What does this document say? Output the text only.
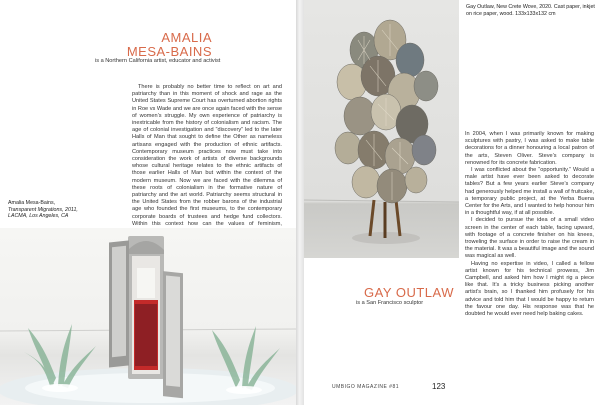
AMALIA
MESA-BAINS
is a Northern California artist, educator and activist

There is probably no better time to reflect on art and patriarchy than in this moment of shock and rage as the United States Supreme Court has overturned abortion rights in Roe vs Wade and we are once again faced with the sense of women’s struggle. My own experience of patriarchy is inextricable from the history of colonialism and racism. The age of colonial investigation and “discovery” led to the later Halls of Man that sought to define the Other as nameless artisans engaged with the production of ethnic artifacts. Contemporary museum practices now must take into consideration the work of artists of diverse backgrounds whose cultural heritage relates to the ethnic artifacts of those earlier Halls of Man but within the context of the modern museum. Now we are faced with the dilemma of these roots of colonialism in the formative nature of patriarchy and the art world. Patriarchy seems structural in the United States from the robber barons of the industrial age who founded the first museums, to the contemporary corporate boards of trustees and hedge fund collectors. Within this context how can the values of feminism,

Amalia Mesa-Bains,
Transparent Migrations, 2011,
LACMA, Los Angeles, CA
Gay Outlaw, New Crete Wove, 2020. Cast paper, inkjet on rice paper, wood. 133x133x132 cm

In 2004, when I was primarily known for making sculptures with pastry, I was asked to make table decorations for a dinner honouring a local patron of the arts, Steven Oliver. Steve’s company is renowned for its concrete fabrication.

I was conflicted about the “opportunity.” Would a male artist have ever been asked to decorate tables? But a few years earlier Steve’s company had generously helped me install a wall of fruitcake, a temporary public project, at the Yerba Buena Center for the Arts, and I wanted to help honour him in a thoughtful way, if at all possible.

I decided to pursue the idea of a small video screen in the center of each table, facing upward, with footage of a concrete finisher on his knees, troweling the surface in order to raise the cream in the material. It was a beautiful image and the sound was magical as well.

Having no expertise in video, I called a fellow artist known for his technical prowess, Jim Campbell, and asked him how I might rig a piece like that. It’s a tricky business picking another artist’s brain, so I thanked him profusely for his advice and told him that I would be happy to return the favour one day. His response was that he doubted he would ever need help baking cakes.

GAY OUTLAW
is a San Francisco sculptor
UMBIGO MAGAZINE #81	123
